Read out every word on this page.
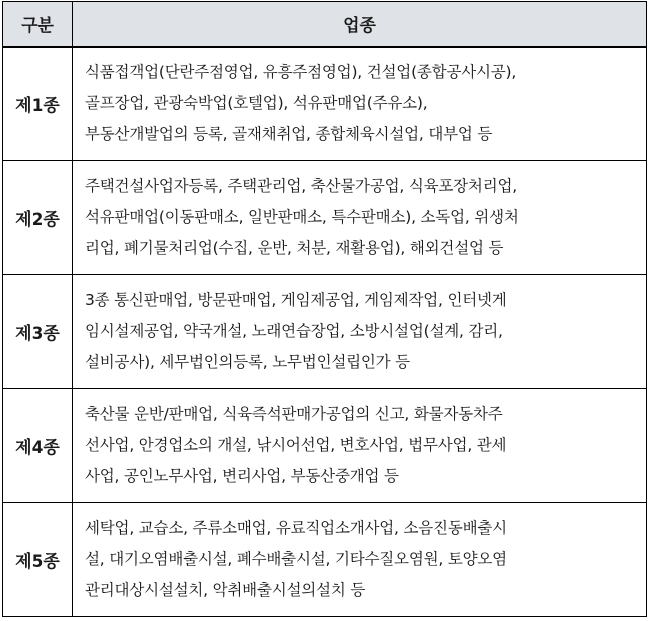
구분	업종
제1종	식품접객업(단란주점영업, 유흥주점영업), 건설업(종합공사시공),
골프장업, 관광숙박업(호텔업), 석유판매업(주유소),
부동산개발업의 등록, 골재채취업, 종합체육시설업, 대부업 등

제2종	주택건설사업자등록, 주택관리업, 축산물가공업, 식육포장처리업,
석유판매업(이동판매소, 일반판매소, 특수판매소), 소독업, 위생처
리업, 폐기물처리업(수집, 운반, 처분, 재활용업), 해외건설업 등

제3종	3종 통신판매업, 방문판매업, 게임제공업, 게임제작업, 인터넷게
임시설제공업, 약국개설, 노래연습장업, 소방시설업(설계, 감리,
설비공사), 세무법인의등록, 노무법인설립인가 등

제4종	축산물 운반/판매업, 식육즉석판매가공업의 신고, 화물자동차주
선사업, 안경업소의 개설, 낚시어선업, 변호사업, 법무사업, 관세
사업, 공인노무사업, 변리사업, 부동산중개업 등

제5종	세탁업, 교습소, 주류소매업, 유료직업소개사업, 소음진동배출시
설, 대기오염배출시설, 폐수배출시설, 기타수질오염원, 토양오염
관리대상시설설치, 악취배출시설의설치 등
